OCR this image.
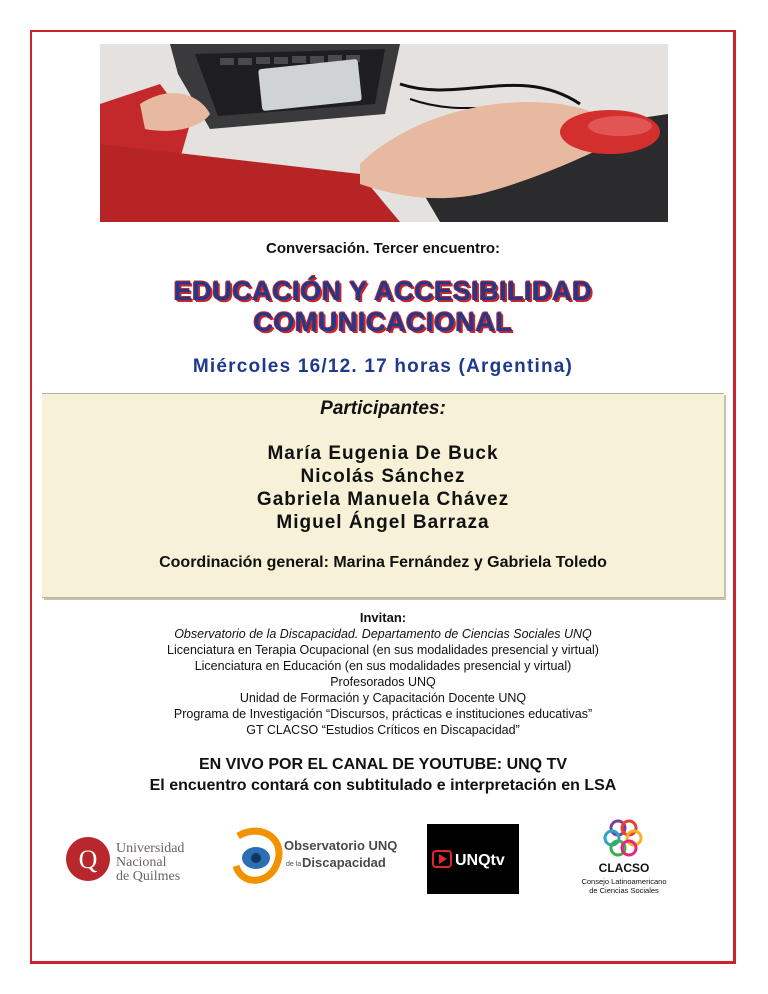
Conversación. Tercer encuentro:
EDUCACIÓN Y ACCESIBILIDAD
COMUNICACIONAL
Miércoles 16/12. 17 horas (Argentina)
Participantes:
María Eugenia De Buck
Nicolás Sánchez
Gabriela Manuela Chávez
Miguel Ángel Barraza
Coordinación general: Marina Fernández y Gabriela Toledo
Invitan:
Observatorio de la Discapacidad. Departamento de Ciencias Sociales UNQ
Licenciatura en Terapia Ocupacional (en sus modalidades presencial y virtual)
Licenciatura en Educación (en sus modalidades presencial y virtual)
Profesorados UNQ
Unidad de Formación y Capacitación Docente UNQ
Programa de Investigación “Discursos, prácticas e instituciones educativas”
GT CLACSO “Estudios Críticos en Discapacidad”
EN VIVO POR EL CANAL DE YOUTUBE: UNQ TV
El encuentro contará con subtitulado e interpretación en LSA
Q Universidad
Nacional
de Quilmes
Observatorio UNQ
de la Discapacidad	UNQtv	CLACSO
Consejo Latinoamericano
de Ciencias Sociales
